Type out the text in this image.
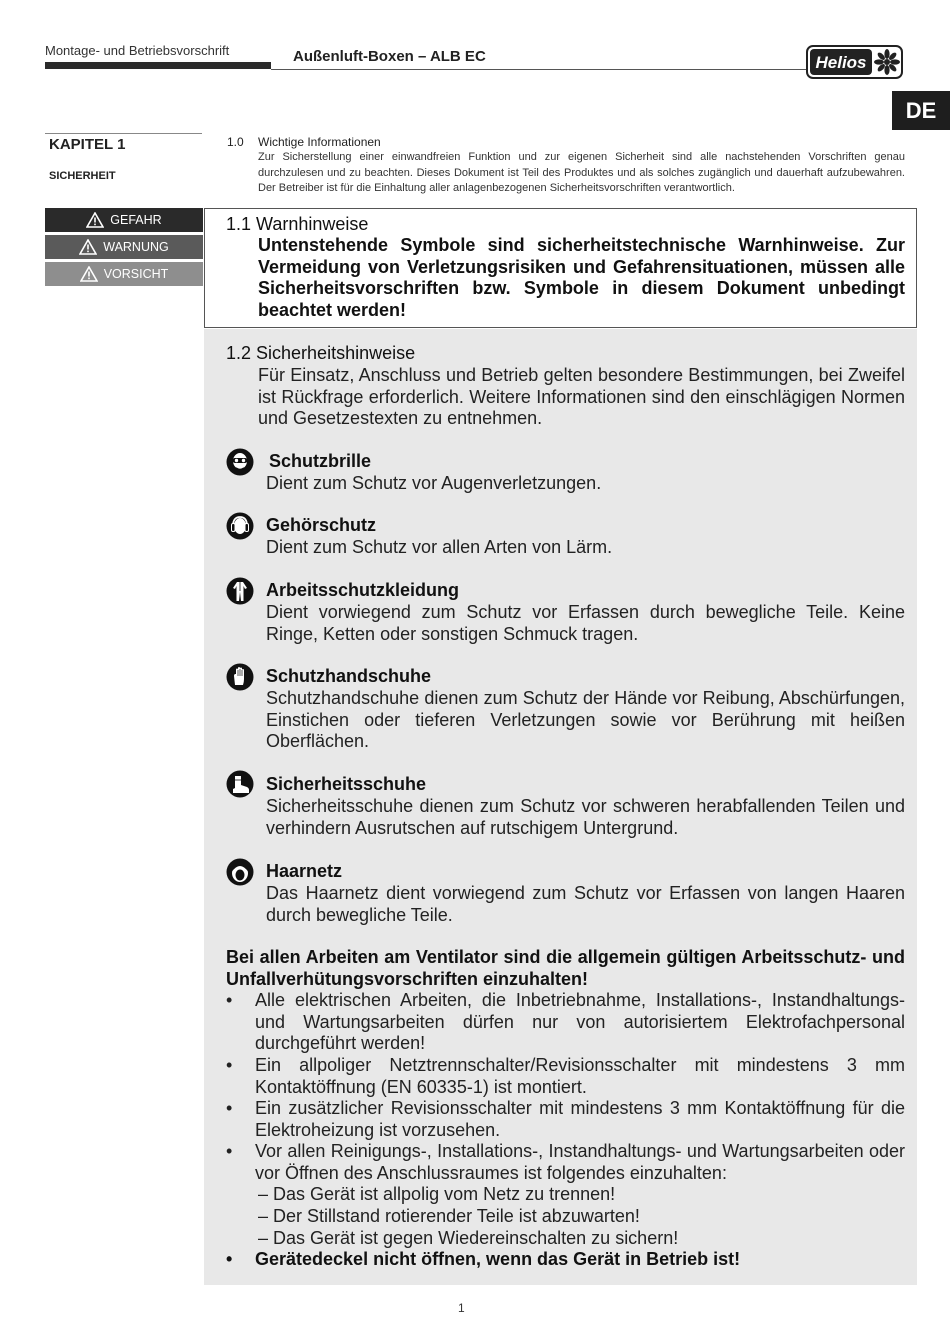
Montage- und Betriebsvorschrift	Außenluft-Boxen – ALB EC	Helios
DE
KAPITEL 1
SICHERHEIT
GEFAHR
WARNUNG
VORSICHT
1.0 Wichtige Informationen
Zur Sicherstellung einer einwandfreien Funktion und zur eigenen Sicherheit sind alle nachstehenden Vorschriften genau durchzulesen und zu beachten. Dieses Dokument ist Teil des Produktes und als solches zugänglich und dauerhaft aufzubewahren. Der Betreiber ist für die Einhaltung aller anlagenbezogenen Sicherheitsvorschriften verantwortlich.
1.1 Warnhinweise
Untenstehende Symbole sind sicherheitstechnische Warnhinweise. Zur Vermeidung von Verletzungsrisiken und Gefahrensituationen, müssen alle Sicherheitsvorschriften bzw. Symbole in diesem Dokument unbedingt beachtet werden!
1.2 Sicherheitshinweise
Für Einsatz, Anschluss und Betrieb gelten besondere Bestimmungen, bei Zweifel ist Rückfrage erforderlich. Weitere Informationen sind den einschlägigen Normen und Gesetzestexten zu entnehmen.
Schutzbrille
Dient zum Schutz vor Augenverletzungen.
Gehörschutz
Dient zum Schutz vor allen Arten von Lärm.
Arbeitsschutzkleidung
Dient vorwiegend zum Schutz vor Erfassen durch bewegliche Teile. Keine Ringe, Ketten oder sonstigen Schmuck tragen.
Schutzhandschuhe
Schutzhandschuhe dienen zum Schutz der Hände vor Reibung, Abschürfungen, Einstichen oder tieferen Verletzungen sowie vor Berührung mit heißen Oberflächen.
Sicherheitsschuhe
Sicherheitsschuhe dienen zum Schutz vor schweren herabfallenden Teilen und verhindern Ausrutschen auf rutschigem Untergrund.
Haarnetz
Das Haarnetz dient vorwiegend zum Schutz vor Erfassen von langen Haaren durch bewegliche Teile.
Bei allen Arbeiten am Ventilator sind die allgemein gültigen Arbeitsschutz- und Unfallverhütungsvorschriften einzuhalten!
•	Alle elektrischen Arbeiten, die Inbetriebnahme, Installations-, Instandhaltungs- und Wartungsarbeiten dürfen nur von autorisiertem Elektrofachpersonal durchgeführt werden!
•	Ein allpoliger Netztrennschalter/Revisionsschalter mit mindestens 3 mm Kontaktöffnung (EN 60335-1) ist montiert.
•	Ein zusätzlicher Revisionsschalter mit mindestens 3 mm Kontaktöffnung für die Elektroheizung ist vorzusehen.
•	Vor allen Reinigungs-, Installations-, Instandhaltungs- und Wartungsarbeiten oder vor Öffnen des Anschlussraumes ist folgendes einzuhalten:
– Das Gerät ist allpolig vom Netz zu trennen!
– Der Stillstand rotierender Teile ist abzuwarten!
– Das Gerät ist gegen Wiedereinschalten zu sichern!
•	Gerätedeckel nicht öffnen, wenn das Gerät in Betrieb ist!
1
